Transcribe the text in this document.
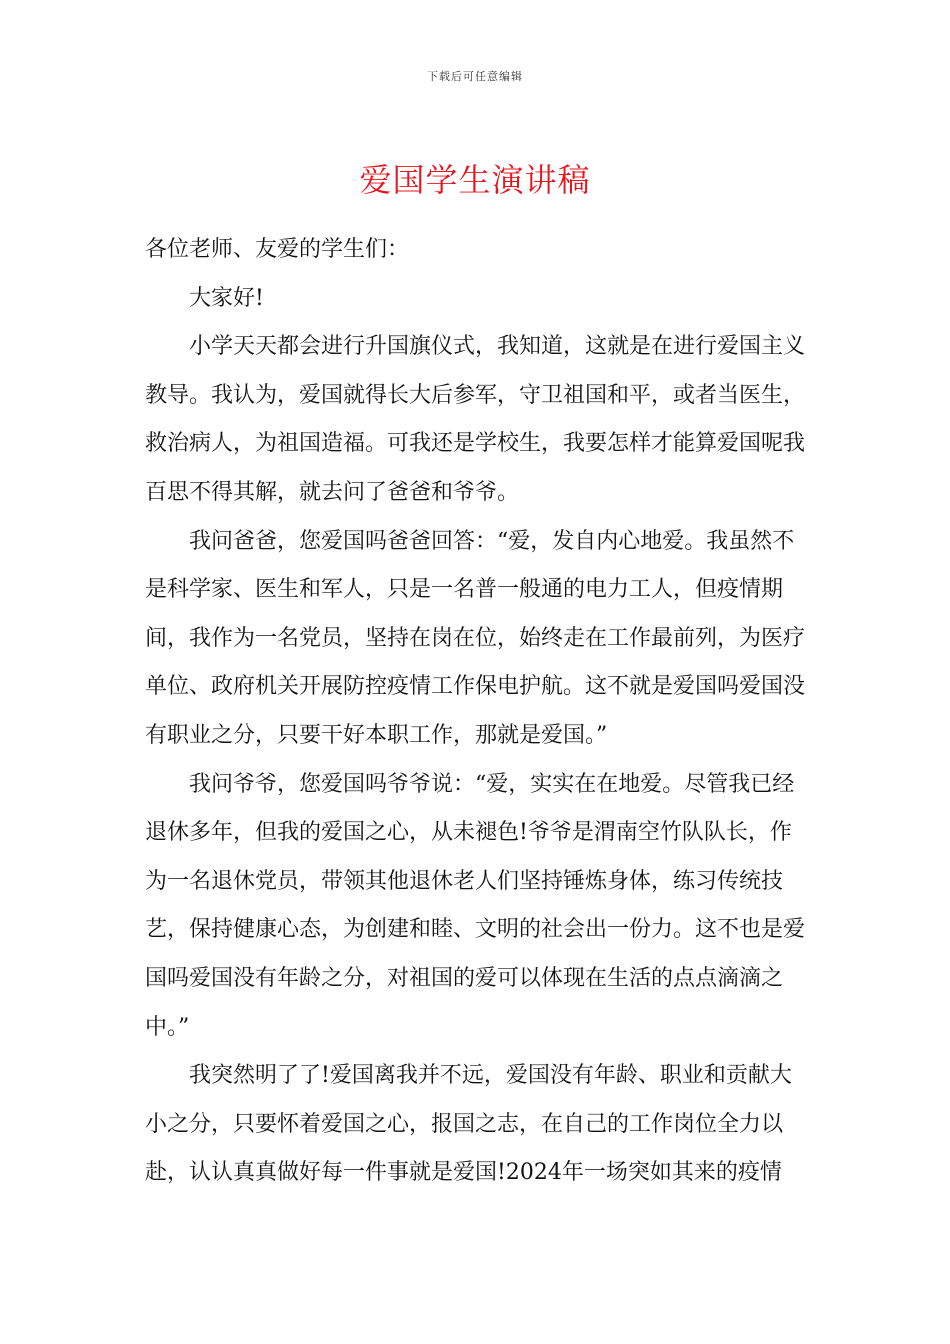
下载后可任意编辑
爱国学生演讲稿

各位老师、友爱的学生们：

大家好!

小学天天都会进行升国旗仪式，我知道，这就是在进行爱国主义教导。我认为，爱国就得长大后参军，守卫祖国和平，或者当医生，救治病人，为祖国造福。可我还是学校生，我要怎样才能算爱国呢我百思不得其解，就去问了爸爸和爷爷。

我问爸爸，您爱国吗爸爸回答：“爱，发自内心地爱。我虽然不是科学家、医生和军人，只是一名普一般通的电力工人，但疫情期间，我作为一名党员，坚持在岗在位，始终走在工作最前列，为医疗单位、政府机关开展防控疫情工作保电护航。这不就是爱国吗爱国没有职业之分，只要干好本职工作，那就是爱国。”

我问爷爷，您爱国吗爷爷说：“爱，实实在在地爱。尽管我已经退休多年，但我的爱国之心，从未褪色!爷爷是渭南空竹队队长，作为一名退休党员，带领其他退休老人们坚持锤炼身体，练习传统技艺，保持健康心态，为创建和睦、文明的社会出一份力。这不也是爱国吗爱国没有年龄之分，对祖国的爱可以体现在生活的点点滴滴之中。”

我突然明了了!爱国离我并不远，爱国没有年龄、职业和贡献大小之分，只要怀着爱国之心，报国之志，在自己的工作岗位全力以赴，认认真真做好每一件事就是爱国!2024年一场突如其来的疫情
